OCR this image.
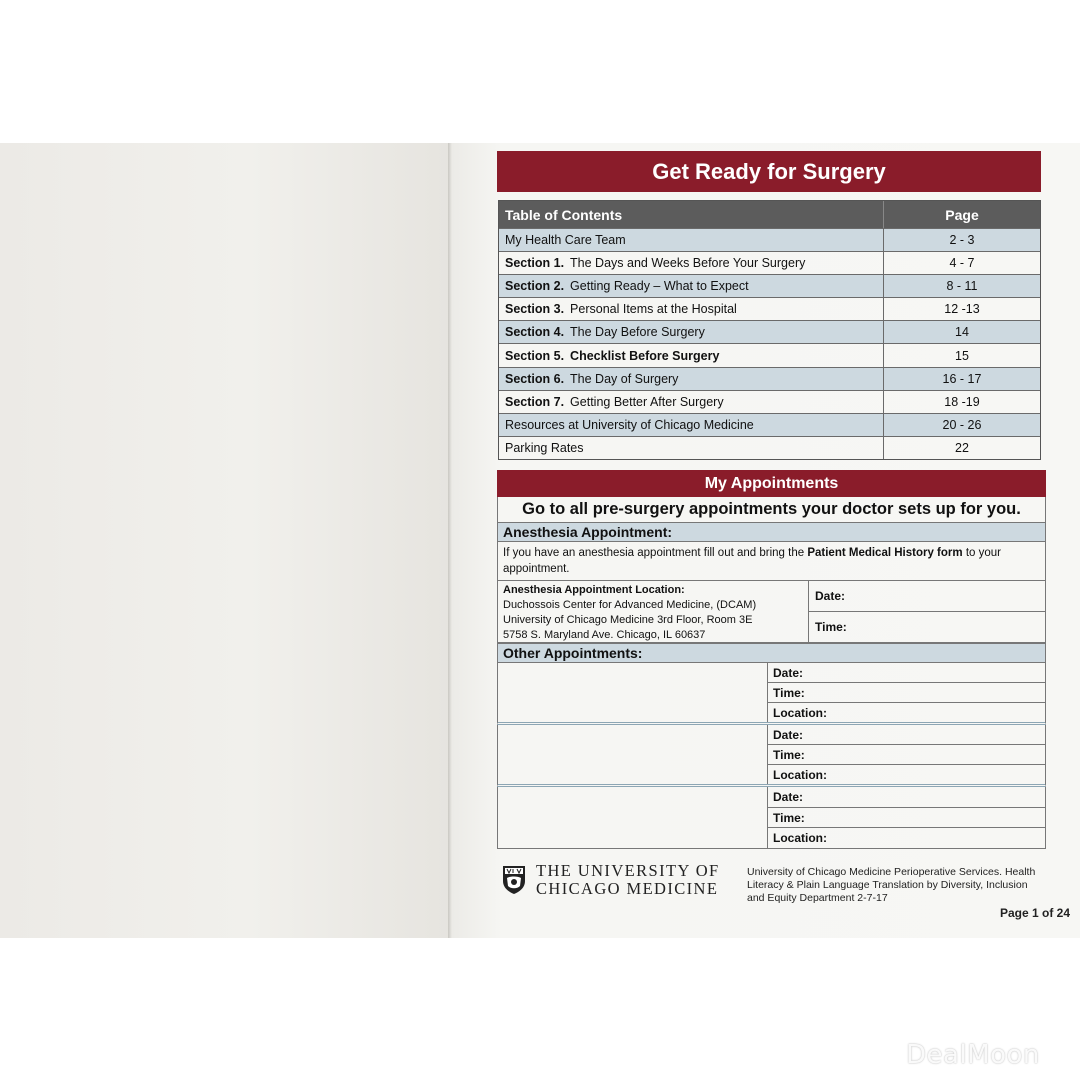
Get Ready for Surgery
Table of Contents	Page
My Health Care Team	2 - 3
Section 1. The Days and Weeks Before Your Surgery	4 - 7
Section 2. Getting Ready – What to Expect	8 - 11
Section 3. Personal Items at the Hospital	12 -13
Section 4. The Day Before Surgery	14
Section 5. Checklist Before Surgery	15
Section 6. The Day of Surgery	16 - 17
Section 7. Getting Better After Surgery	18 -19
Resources at University of Chicago Medicine	20 - 26
Parking Rates	22
My Appointments
Go to all pre-surgery appointments your doctor sets up for you.
Anesthesia Appointment:
If you have an anesthesia appointment fill out and bring the Patient Medical History form to your appointment.
Anesthesia Appointment Location:
Duchossois Center for Advanced Medicine, (DCAM)
University of Chicago Medicine 3rd Floor, Room 3E
5758 S. Maryland Ave. Chicago, IL 60637
Date:
Time:
Other Appointments:
Date:
Time:
Location:
Date:
Time:
Location:
Date:
Time:
Location:
THE UNIVERSITY OF
CHICAGO MEDICINE
University of Chicago Medicine Perioperative Services. Health Literacy & Plain Language Translation by Diversity, Inclusion and Equity Department 2-7-17
Page 1 of 24
DealMoon
